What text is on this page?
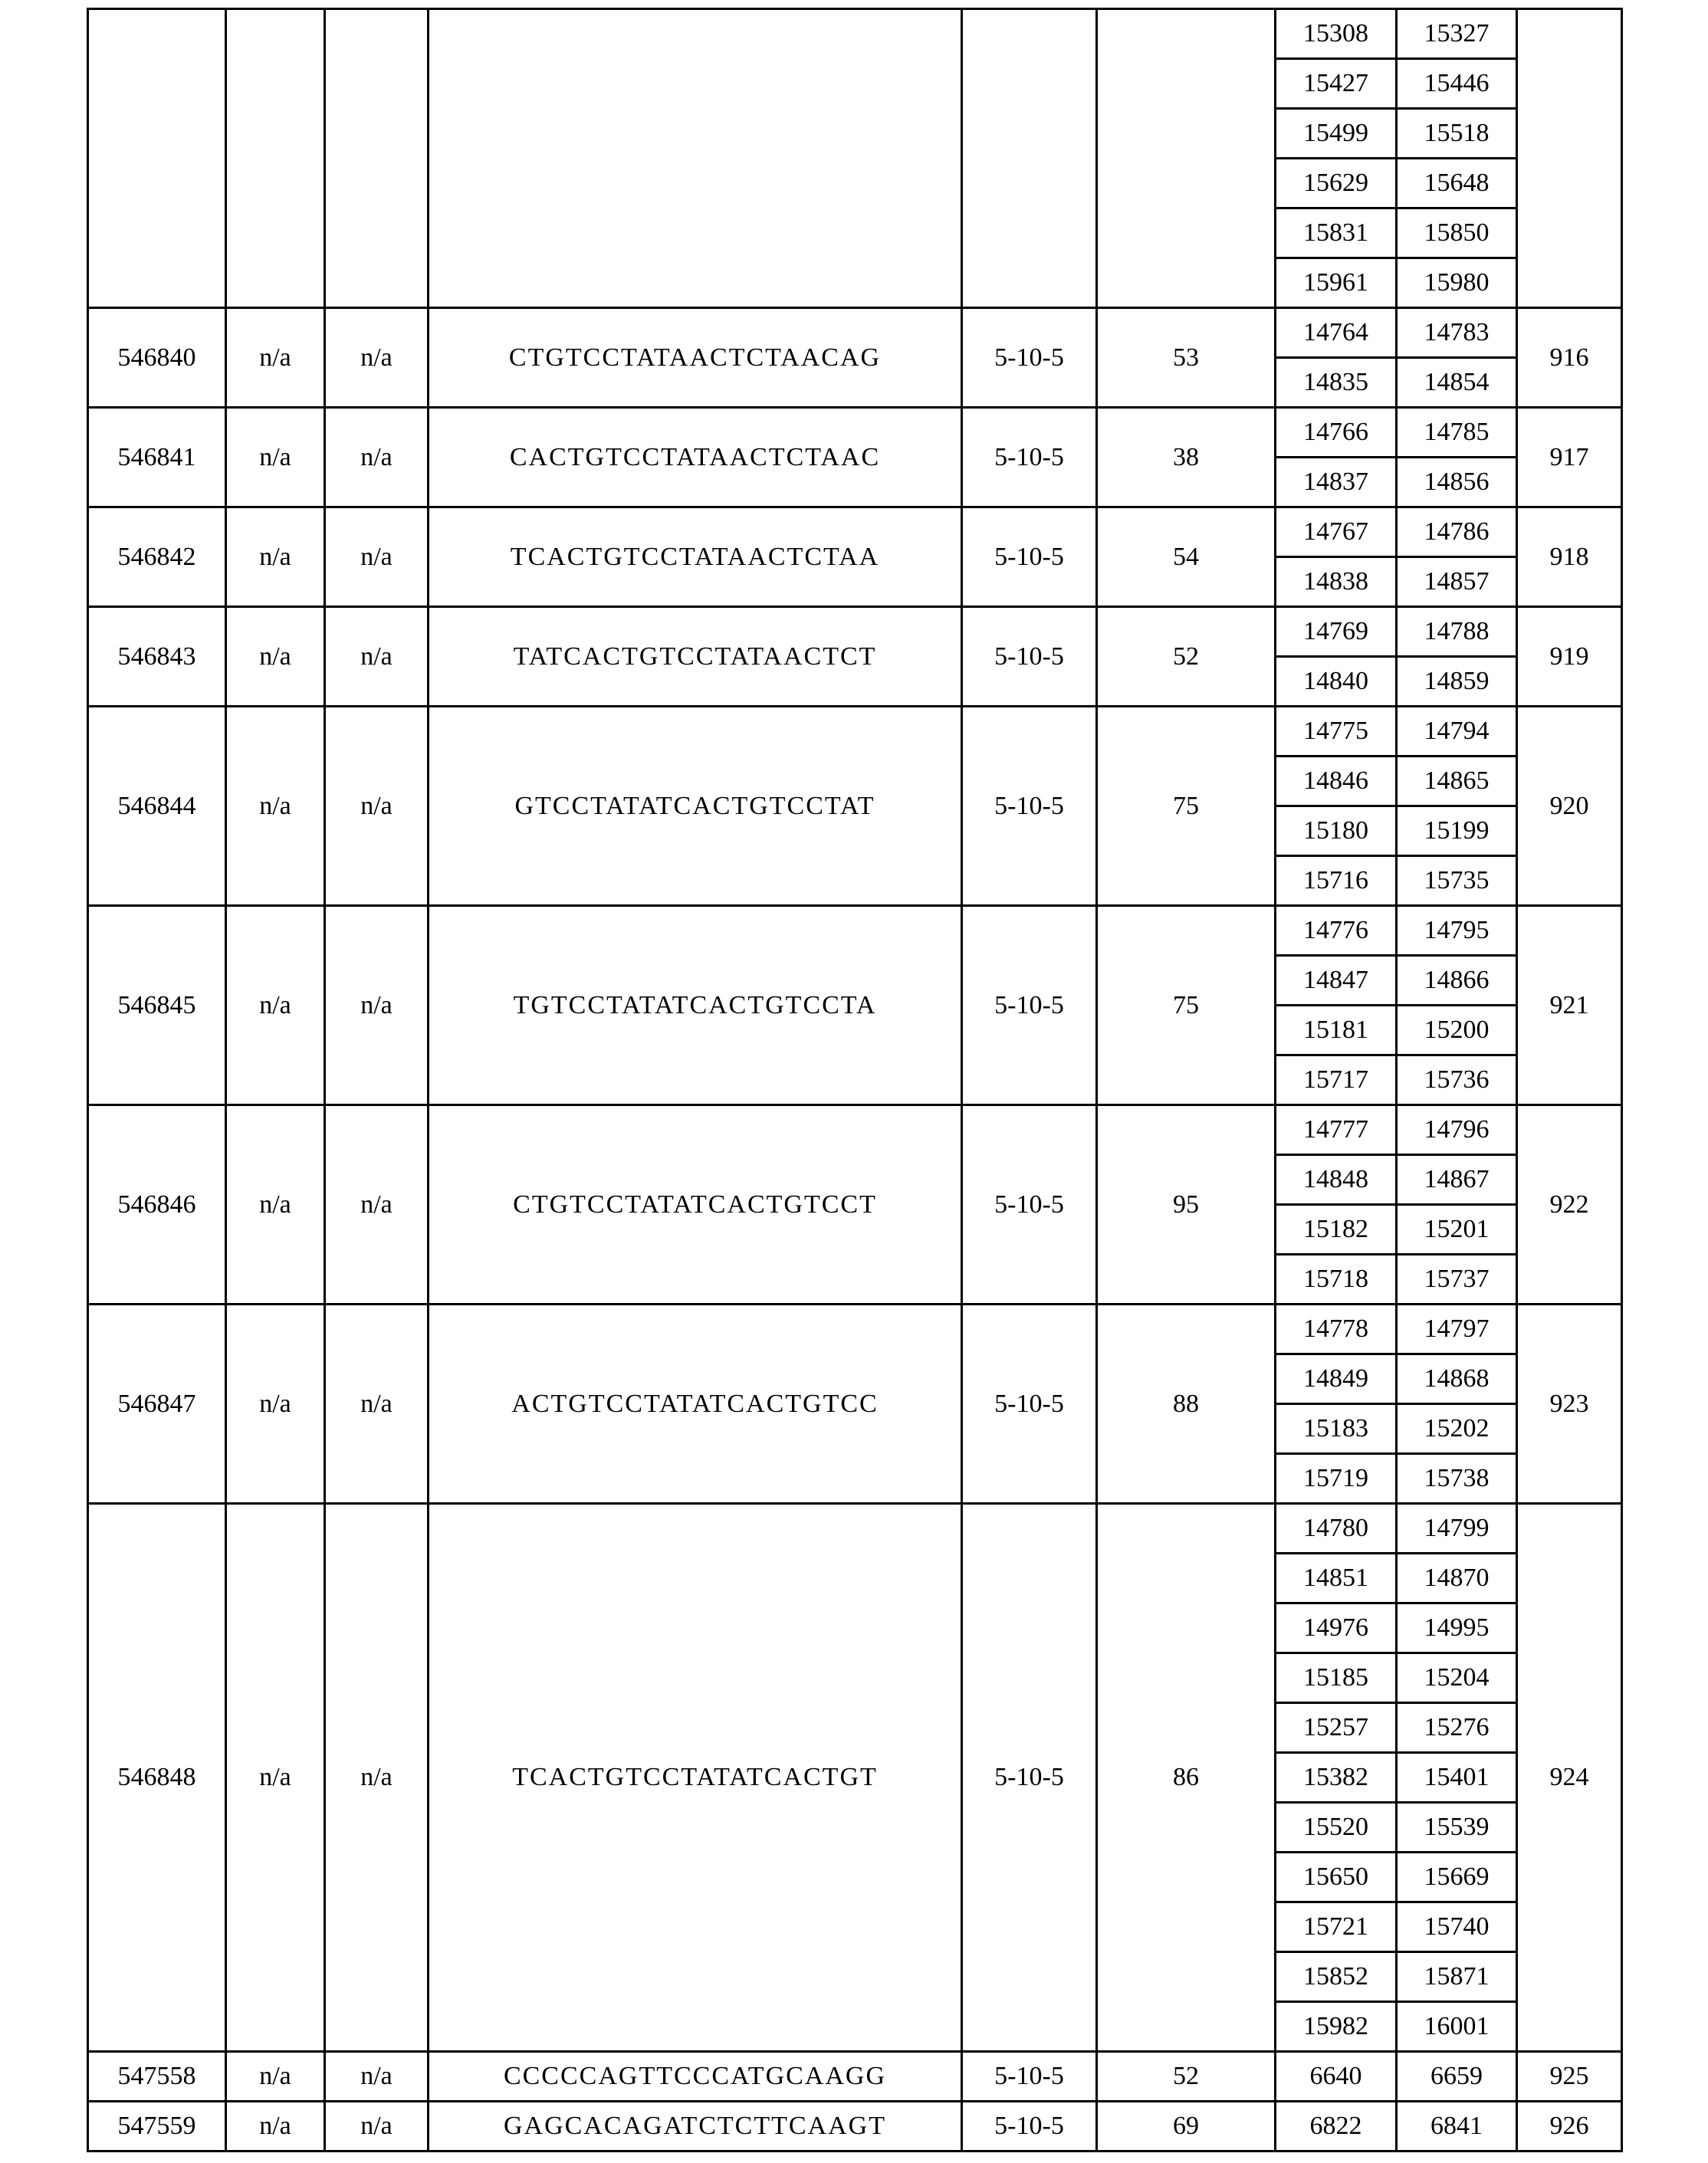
						15308	15327	
						15427	15446	
						15499	15518	
						15629	15648	
						15831	15850	
						15961	15980	
546840	n/a	n/a	CTGTCCTATAACTCTAACAG	5-10-5	53	14764	14783	916
						14835	14854	
546841	n/a	n/a	CACTGTCCTATAACTCTAAC	5-10-5	38	14766	14785	917
						14837	14856	
546842	n/a	n/a	TCACTGTCCTATAACTCTAA	5-10-5	54	14767	14786	918
						14838	14857	
546843	n/a	n/a	TATCACTGTCCTATAACTCT	5-10-5	52	14769	14788	919
						14840	14859	
546844	n/a	n/a	GTCCTATATCACTGTCCTAT	5-10-5	75	14775	14794	920
						14846	14865	
						15180	15199	
						15716	15735	
546845	n/a	n/a	TGTCCTATATCACTGTCCTA	5-10-5	75	14776	14795	921
						14847	14866	
						15181	15200	
						15717	15736	
546846	n/a	n/a	CTGTCCTATATCACTGTCCT	5-10-5	95	14777	14796	922
						14848	14867	
						15182	15201	
						15718	15737	
546847	n/a	n/a	ACTGTCCTATATCACTGTCC	5-10-5	88	14778	14797	923
						14849	14868	
						15183	15202	
						15719	15738	
546848	n/a	n/a	TCACTGTCCTATATCACTGT	5-10-5	86	14780	14799	924
						14851	14870	
						14976	14995	
						15185	15204	
						15257	15276	
						15382	15401	
						15520	15539	
						15650	15669	
						15721	15740	
						15852	15871	
						15982	16001	
547558	n/a	n/a	CCCCCAGTTCCCATGCAAGG	5-10-5	52	6640	6659	925
547559	n/a	n/a	GAGCACAGATCTCTTCAAGT	5-10-5	69	6822	6841	926
